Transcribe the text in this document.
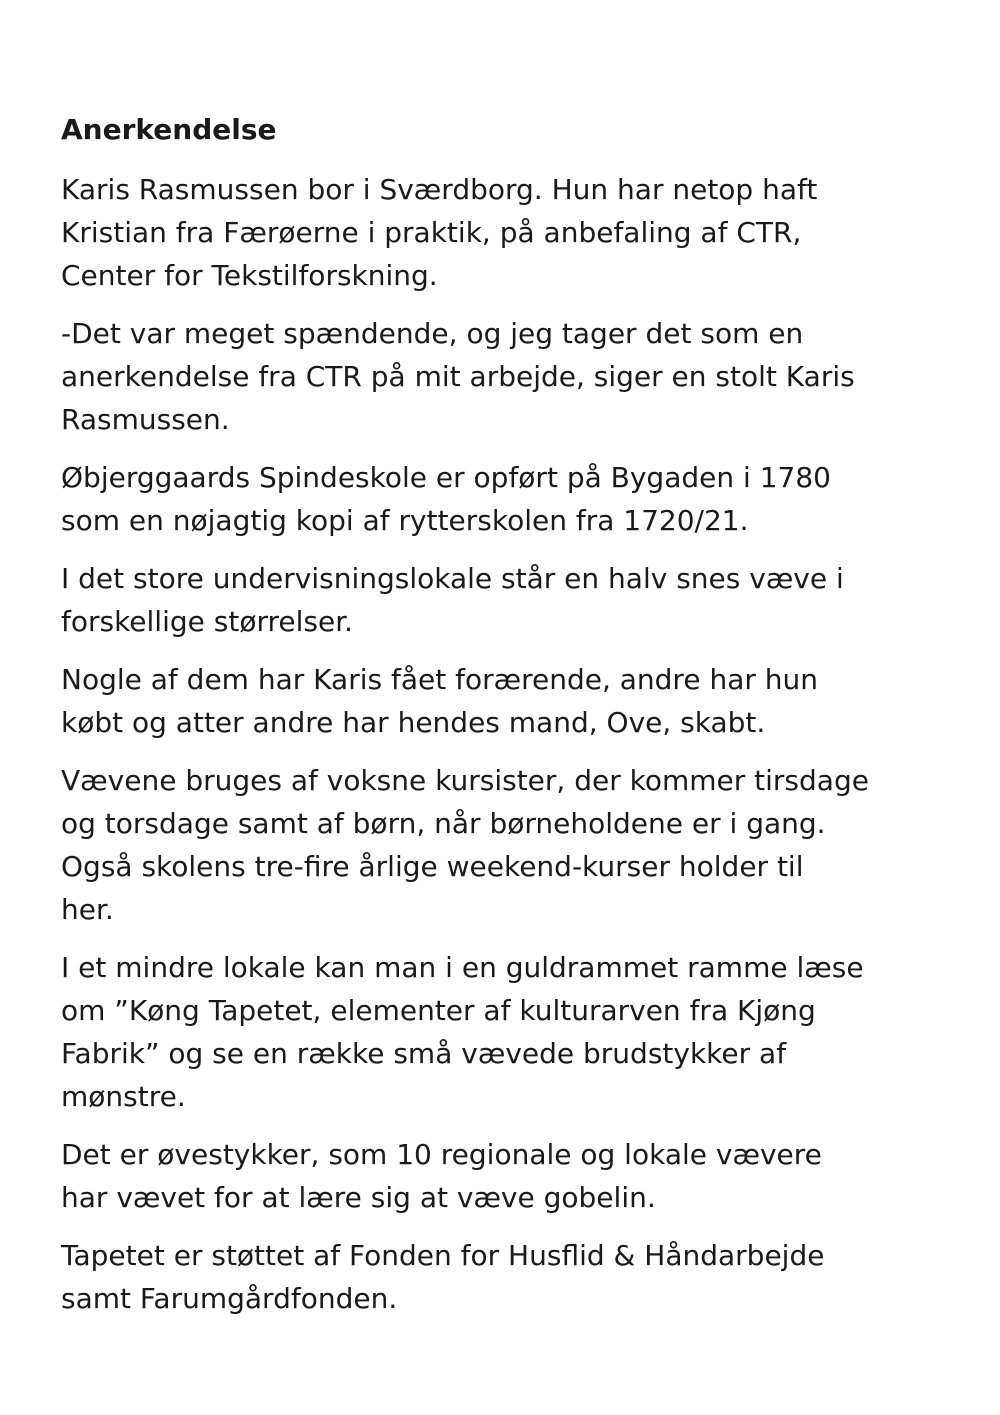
Anerkendelse
Karis Rasmussen bor i Sværdborg. Hun har netop haft
Kristian fra Færøerne i praktik, på anbefaling af CTR,
Center for Tekstilforskning.
-Det var meget spændende, og jeg tager det som en
anerkendelse fra CTR på mit arbejde, siger en stolt Karis
Rasmussen.
Øbjerggaards Spindeskole er opført på Bygaden i 1780
som en nøjagtig kopi af rytterskolen fra 1720/21.
I det store undervisningslokale står en halv snes væve i
forskellige størrelser.
Nogle af dem har Karis fået forærende, andre har hun
købt og atter andre har hendes mand, Ove, skabt.
Vævene bruges af voksne kursister, der kommer tirsdage
og torsdage samt af børn, når børneholdene er i gang.
Også skolens tre-fire årlige weekend-kurser holder til
her.
I et mindre lokale kan man i en guldrammet ramme læse
om ”Køng Tapetet, elementer af kulturarven fra Kjøng
Fabrik” og se en række små vævede brudstykker af
mønstre.
Det er øvestykker, som 10 regionale og lokale vævere
har vævet for at lære sig at væve gobelin.
Tapetet er støttet af Fonden for Husflid & Håndarbejde
samt Farumgårdfonden.
